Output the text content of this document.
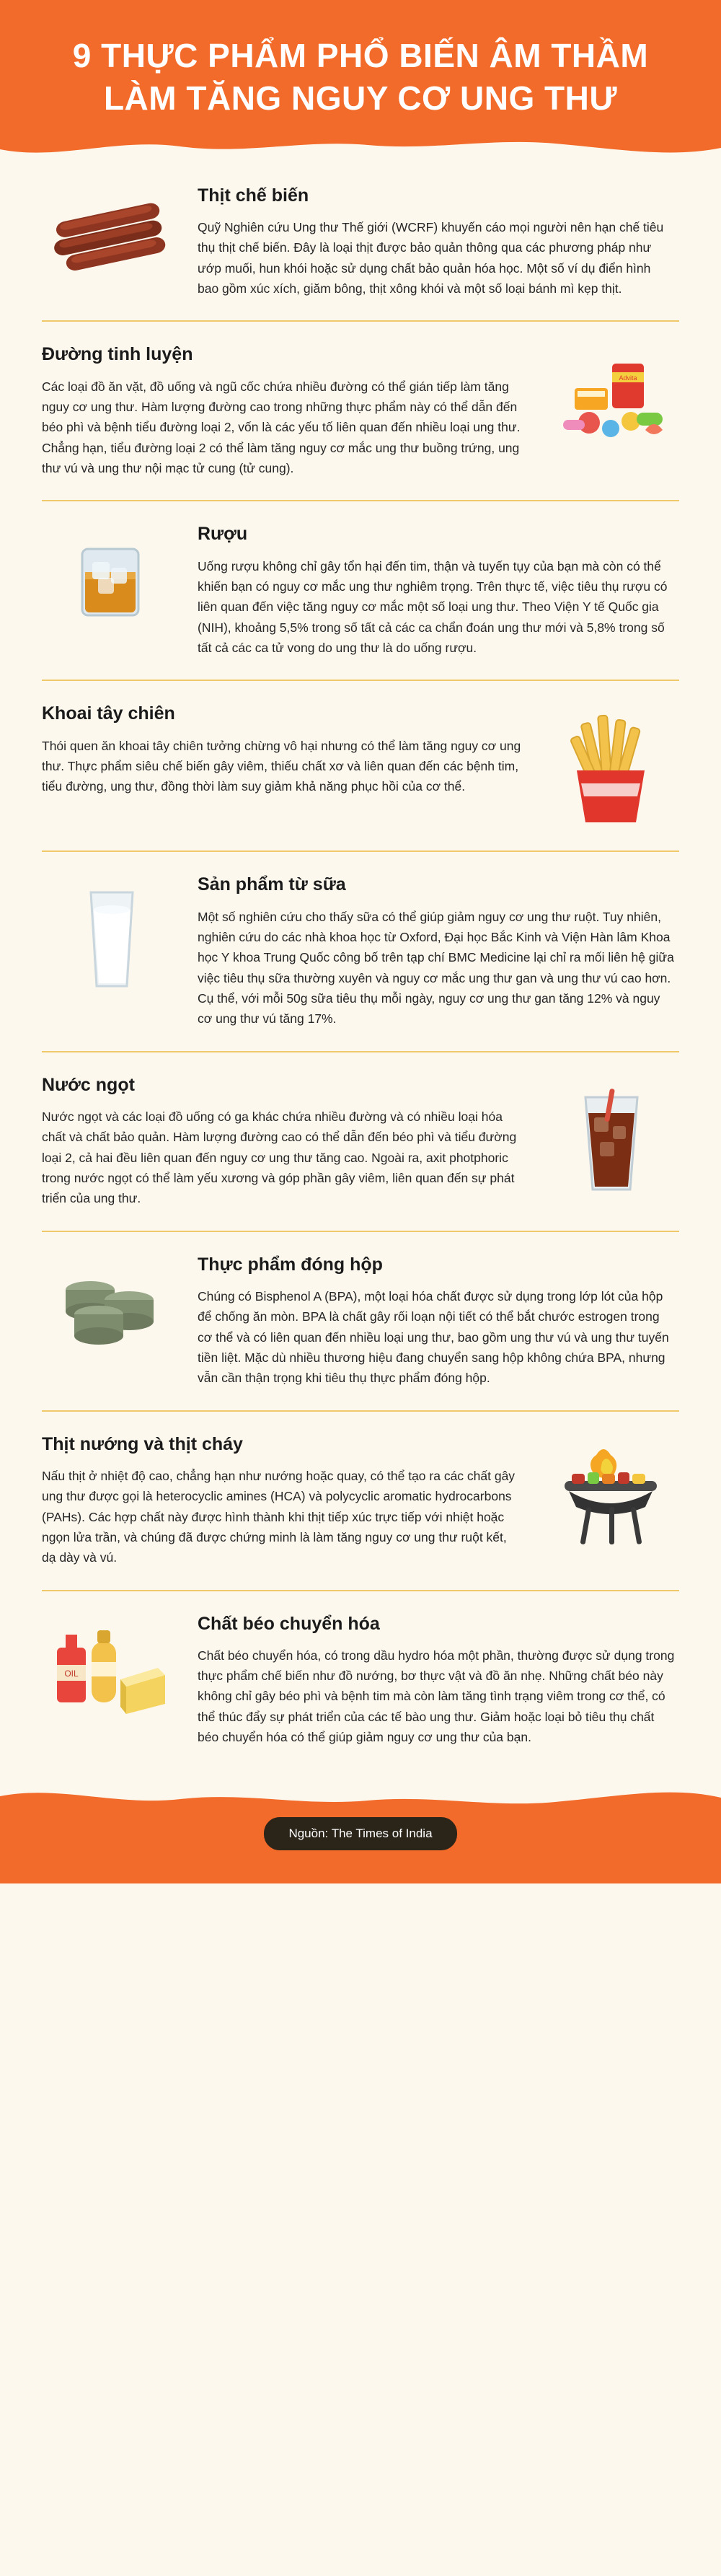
9 THỰC PHẨM PHỔ BIẾN ÂM THẦM LÀM TĂNG NGUY CƠ UNG THƯ
Thịt chế biến

Quỹ Nghiên cứu Ung thư Thế giới (WCRF) khuyến cáo mọi người nên hạn chế tiêu thụ thịt chế biến. Đây là loại thịt được bảo quản thông qua các phương pháp như ướp muối, hun khói hoặc sử dụng chất bảo quản hóa học. Một số ví dụ điển hình bao gồm xúc xích, giăm bông, thịt xông khói và một số loại bánh mì kẹp thịt.

Advita
Đường tinh luyện

Các loại đồ ăn vặt, đồ uống và ngũ cốc chứa nhiều đường có thể gián tiếp làm tăng nguy cơ ung thư. Hàm lượng đường cao trong những thực phẩm này có thể dẫn đến béo phì và bệnh tiểu đường loại 2, vốn là các yếu tố liên quan đến nhiều loại ung thư. Chẳng hạn, tiểu đường loại 2 có thể làm tăng nguy cơ mắc ung thư buồng trứng, ung thư vú và ung thư nội mạc tử cung (tử cung).

Rượu

Uống rượu không chỉ gây tổn hại đến tim, thận và tuyến tụy của bạn mà còn có thể khiến bạn có nguy cơ mắc ung thư nghiêm trọng. Trên thực tế, việc tiêu thụ rượu có liên quan đến việc tăng nguy cơ mắc một số loại ung thư. Theo Viện Y tế Quốc gia (NIH), khoảng 5,5% trong số tất cả các ca chẩn đoán ung thư mới và 5,8% trong số tất cả các ca tử vong do ung thư là do uống rượu.

Khoai tây chiên

Thói quen ăn khoai tây chiên tưởng chừng vô hại nhưng có thể làm tăng nguy cơ ung thư. Thực phẩm siêu chế biến gây viêm, thiếu chất xơ và liên quan đến các bệnh tim, tiểu đường, ung thư, đồng thời làm suy giảm khả năng phục hồi của cơ thể.

Sản phẩm từ sữa

Một số nghiên cứu cho thấy sữa có thể giúp giảm nguy cơ ung thư ruột. Tuy nhiên, nghiên cứu do các nhà khoa học từ Oxford, Đại học Bắc Kinh và Viện Hàn lâm Khoa học Y khoa Trung Quốc công bố trên tạp chí BMC Medicine lại chỉ ra mối liên hệ giữa việc tiêu thụ sữa thường xuyên và nguy cơ mắc ung thư gan và ung thư vú cao hơn. Cụ thể, với mỗi 50g sữa tiêu thụ mỗi ngày, nguy cơ ung thư gan tăng 12% và nguy cơ ung thư vú tăng 17%.

Nước ngọt

Nước ngọt và các loại đồ uống có ga khác chứa nhiều đường và có nhiều loại hóa chất và chất bảo quản. Hàm lượng đường cao có thể dẫn đến béo phì và tiểu đường loại 2, cả hai đều liên quan đến nguy cơ ung thư tăng cao. Ngoài ra, axit photphoric trong nước ngọt có thể làm yếu xương và góp phần gây viêm, liên quan đến sự phát triển của ung thư.

Thực phẩm đóng hộp

Chúng có Bisphenol A (BPA), một loại hóa chất được sử dụng trong lớp lót của hộp để chống ăn mòn. BPA là chất gây rối loạn nội tiết có thể bắt chước estrogen trong cơ thể và có liên quan đến nhiều loại ung thư, bao gồm ung thư vú và ung thư tuyến tiền liệt. Mặc dù nhiều thương hiệu đang chuyển sang hộp không chứa BPA, nhưng vẫn cần thận trọng khi tiêu thụ thực phẩm đóng hộp.

Thịt nướng và thịt cháy

Nấu thịt ở nhiệt độ cao, chẳng hạn như nướng hoặc quay, có thể tạo ra các chất gây ung thư được gọi là heterocyclic amines (HCA) và polycyclic aromatic hydrocarbons (PAHs). Các hợp chất này được hình thành khi thịt tiếp xúc trực tiếp với nhiệt hoặc ngọn lửa trần, và chúng đã được chứng minh là làm tăng nguy cơ ung thư ruột kết, dạ dày và vú.

OIL
Chất béo chuyển hóa

Chất béo chuyển hóa, có trong dầu hydro hóa một phần, thường được sử dụng trong thực phẩm chế biến như đồ nướng, bơ thực vật và đồ ăn nhẹ. Những chất béo này không chỉ gây béo phì và bệnh tim mà còn làm tăng tình trạng viêm trong cơ thể, có thể thúc đẩy sự phát triển của các tế bào ung thư. Giảm hoặc loại bỏ tiêu thụ chất béo chuyển hóa có thể giúp giảm nguy cơ ung thư của bạn.

Nguồn: The Times of India
